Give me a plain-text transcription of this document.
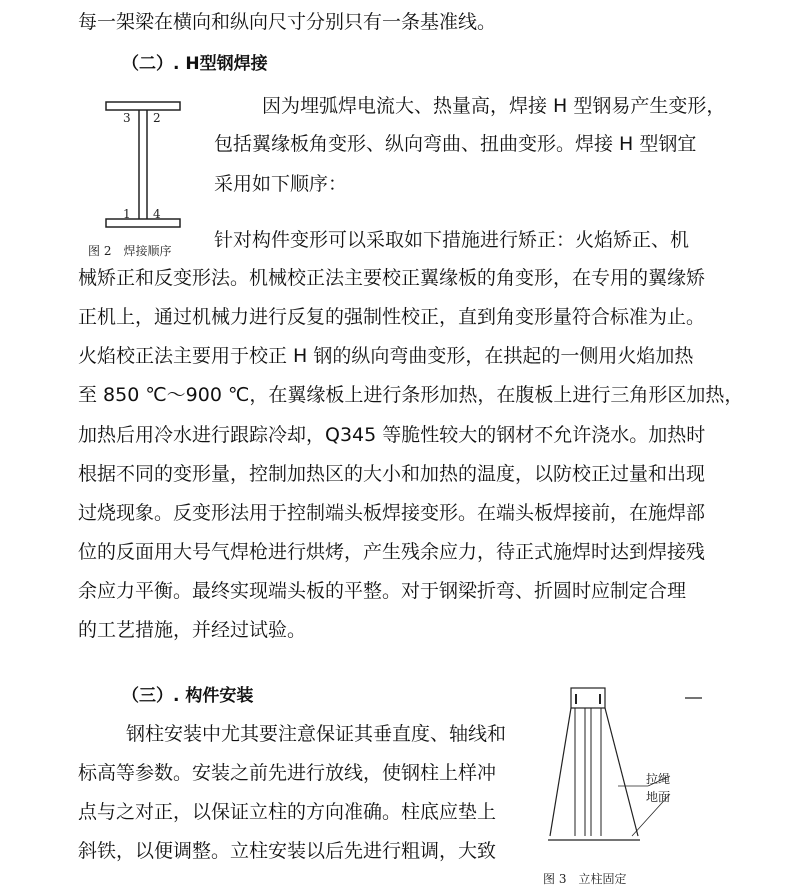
每一架梁在横向和纵向尺寸分别只有一条基准线。
（二）. H型钢焊接
3 2
1 4
图 2　焊接顺序
因为埋弧焊电流大、热量高，焊接 H 型钢易产生变形，
包括翼缘板角变形、纵向弯曲、扭曲变形。焊接 H 型钢宜
采用如下顺序：
针对构件变形可以采取如下措施进行矫正：火焰矫正、机
械矫正和反变形法。机械校正法主要校正翼缘板的角变形，在专用的翼缘矫
正机上，通过机械力进行反复的强制性校正，直到角变形量符合标准为止。
火焰校正法主要用于校正 H 钢的纵向弯曲变形，在拱起的一侧用火焰加热
至 850 ℃～900 ℃，在翼缘板上进行条形加热，在腹板上进行三角形区加热，
加热后用冷水进行跟踪冷却，Q345 等脆性较大的钢材不允许浇水。加热时
根据不同的变形量，控制加热区的大小和加热的温度，以防校正过量和出现
过烧现象。反变形法用于控制端头板焊接变形。在端头板焊接前，在施焊部
位的反面用大号气焊枪进行烘烤，产生残余应力，待正式施焊时达到焊接残
余应力平衡。最终实现端头板的平整。对于钢梁折弯、折圆时应制定合理
的工艺措施，并经过试验。
（三）. 构件安装
钢柱安装中尤其要注意保证其垂直度、轴线和
标高等参数。安装之前先进行放线，使钢柱上样冲
点与之对正，以保证立柱的方向准确。柱底应垫上
斜铁，以便调整。立柱安装以后先进行粗调，大致
拉绳
地面
图 3　立柱固定
